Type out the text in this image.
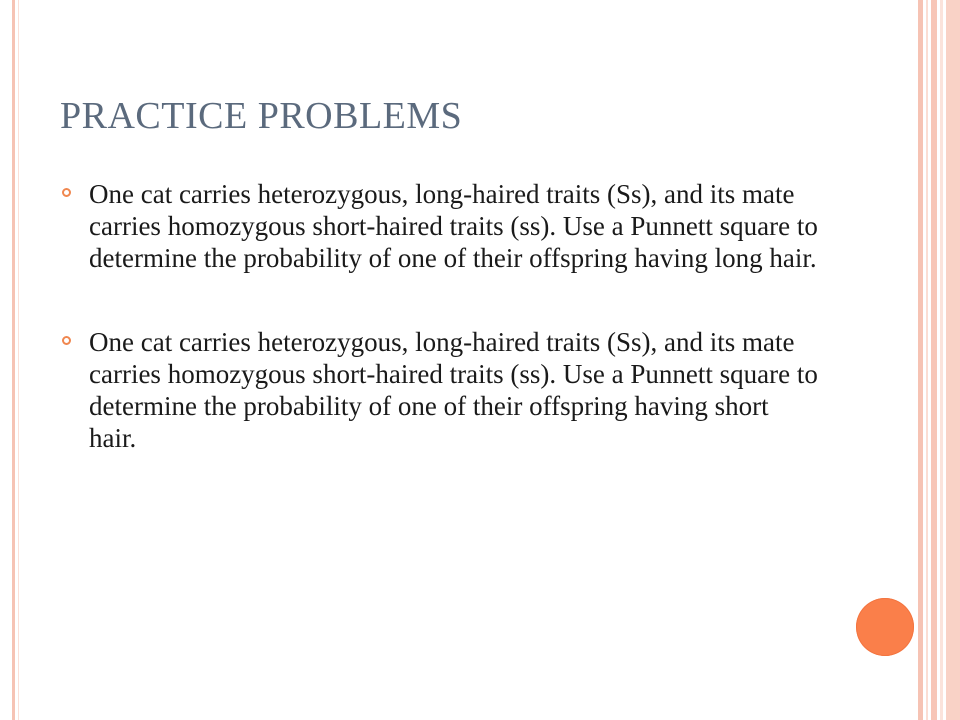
PRACTICE PROBLEMS
One cat carries heterozygous, long-haired traits (Ss), and its mate carries homozygous short-haired traits (ss). Use a Punnett square to determine the probability of one of their offspring having long hair.
One cat carries heterozygous, long-haired traits (Ss), and its mate carries homozygous short-haired traits (ss). Use a Punnett square to determine the probability of one of their offspring having short hair.
